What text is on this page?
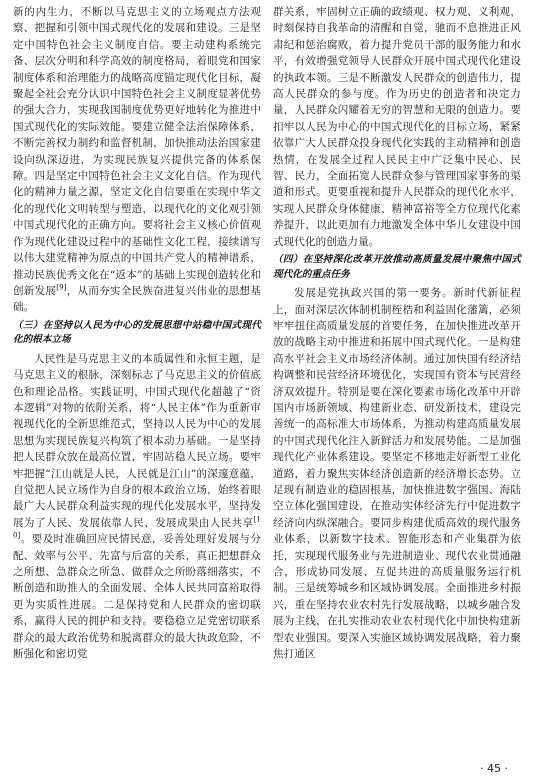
新的内生力，不断以马克思主义的立场观点方法观察、把握和引领中国式现代化的发展和建设。三是坚定中国特色社会主义制度自信。要主动建构系统完备、层次分明和科学高效的制度格局，着眼党和国家制度体系和治理能力的战略高度锚定现代化目标，凝聚起全社会充分认识中国特色社会主义制度显著优势的强大合力，实现我国制度优势更好地转化为推进中国式现代化的实际效能。要建立健全法治保障体系，不断完善权力制约和监督机制，加快推动法治国家建设向纵深迈进，为实现民族复兴提供完备的体系保障。四是坚定中国特色社会主义文化自信。作为现代化的精神力量之源，坚定文化自信要重在实现中华文化的现代化文明转型与塑造，以现代化的文化观引领中国式现代化的正确方向。要将社会主义核心价值观作为现代化建设过程中的基础性文化工程，接续谱写以伟大建党精神为原点的中国共产党人的精神谱系，推动民族优秀文化在“返本”的基础上实现创造转化和创新发展[9]，从而夯实全民族奋进复兴伟业的思想基础。

（三）在坚持以人民为中心的发展思想中站稳中国式现代化的根本立场

人民性是马克思主义的本质属性和永恒主题，是马克思主义的根脉，深刻标志了马克思主义的价值底色和理论品格。实践证明，中国式现代化超越了“资本逻辑”对物的依附关系，将“人民主体”作为重新审视现代化的全新思维范式，坚持以人民为中心的发展思想为实现民族复兴构筑了根本动力基础。一是坚持把人民群众放在最高位置，牢固站稳人民立场。要牢牢把握“江山就是人民，人民就是江山”的深邃意蕴，自觉把人民立场作为自身的根本政治立场，始终着眼最广大人民群众利益实现的现代化发展水平，坚持发展为了人民、发展依靠人民、发展成果由人民共享[10]。要及时准确回应民情民意，妥善处理好发展与分配、效率与公平、先富与后富的关系，真正把想群众之所想、急群众之所急、做群众之所盼落细落实，不断创造和助推人的全面发展、全体人民共同富裕取得更为实质性进展。二是保持党和人民群众的密切联系，赢得人民的拥护和支持。要稳稳立足党密切联系群众的最大政治优势和脱离群众的最大执政危险，不断强化和密切党

群关系，牢固树立正确的政绩观、权力观、义利观，时刻保持自我革命的清醒和自觉，驰而不息推进正风肃纪和惩治腐败，着力提升党员干部的服务能力和水平，有效增强党领导人民群众开展中国式现代化建设的执政本领。三是不断激发人民群众的创造伟力，提高人民群众的参与度。作为历史的创造者和决定力量，人民群众闪耀着无穷的智慧和无限的创造力。要扣牢以人民为中心的中国式现代化的目标立场，紧紧依靠广大人民群众投身现代化实践的主动精神和创造热情，在发展全过程人民民主中广泛集中民心、民智、民力，全面拓宽人民群众参与管理国家事务的渠道和形式。更要重视和提升人民群众的现代化水平，实现人民群众身体健康、精神富裕等全方位现代化素养提升，以此更加有力地激发全体中华儿女建设中国式现代化的创造力量。

（四）在坚持深化改革开放推动高质量发展中聚焦中国式现代化的重点任务

发展是党执政兴国的第一要务。新时代新征程上，面对深层次体制机制桎梏和利益固化藩篱，必须牢牢扭住高质量发展的首要任务，在加快推进改革开放的战略主动中推进和拓展中国式现代化。一是构建高水平社会主义市场经济体制。通过加快国有经济结构调整和民营经济环境优化，实现国有资本与民营经济双效提升。特别是要在深化要素市场化改革中开辟国内市场新领域、构建新业态、研发新技术，建设完善统一的高标准大市场体系，为推动构建高质量发展的中国式现代化注入新鲜活力和发展势能。二是加强现代化产业体系建设。要坚定不移地走好新型工业化道路，着力聚焦实体经济创造新的经济增长态势。立足现有制造业的稳固根基，加快推进数字强国、海陆空立体化强国建设，在推动实体经济先行中促进数字经济向内纵深融合。要同步构建优质高效的现代服务业体系，以新数字技术、智能形态和产业集群为依托，实现现代服务业与先进制造业、现代农业贯通融合，形成协同发展、互促共进的高质量服务运行机制。三是统筹城乡和区域协调发展。全面推进乡村振兴，重在坚持农业农村先行发展战略，以城乡融合发展为主线，在扎实推动农业农村现代化中加快构建新型农业强国。要深入实施区域协调发展战略，着力聚焦打通区

· 45 ·
